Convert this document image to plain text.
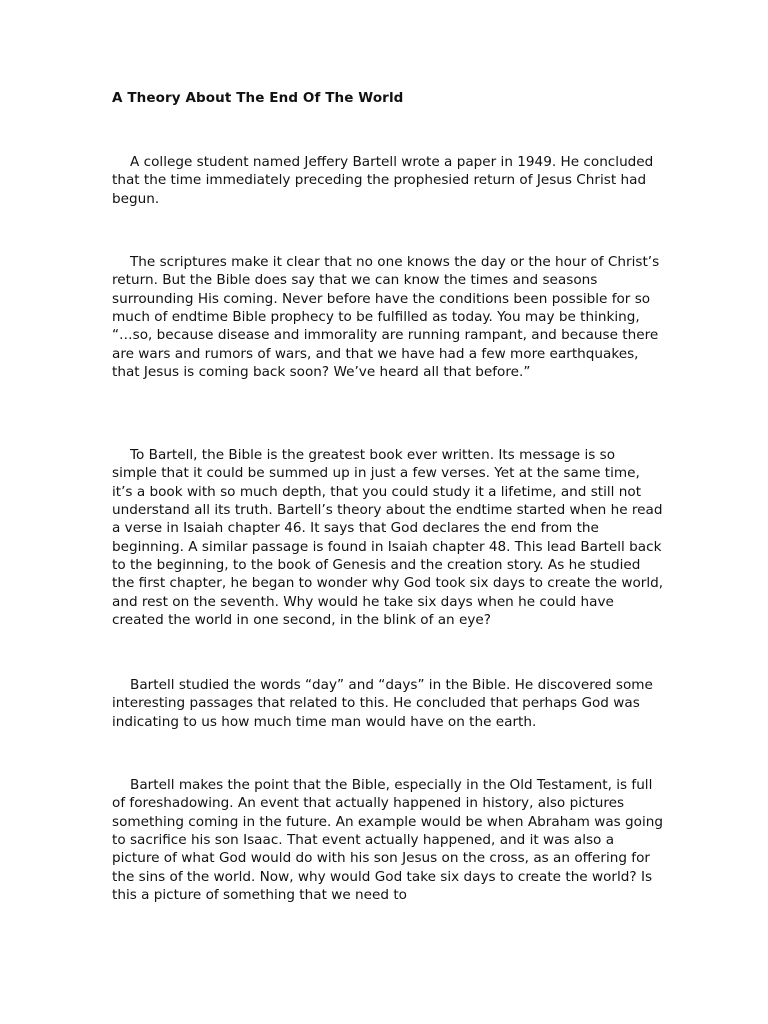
A Theory About The End Of The World

A college student named Jeffery Bartell wrote a paper in 1949. He concluded that the time immediately preceding the prophesied return of Jesus Christ had begun.

The scriptures make it clear that no one knows the day or the hour of Christ’s return. But the Bible does say that we can know the times and seasons surrounding His coming. Never before have the conditions been possible for so much of endtime Bible prophecy to be fulfilled as today. You may be thinking, “…so, because disease and immorality are running rampant, and because there are wars and rumors of wars, and that we have had a few more earthquakes, that Jesus is coming back soon? We’ve heard all that before.”

To Bartell, the Bible is the greatest book ever written. Its message is so simple that it could be summed up in just a few verses. Yet at the same time, it’s a book with so much depth, that you could study it a lifetime, and still not understand all its truth. Bartell’s theory about the endtime started when he read a verse in Isaiah chapter 46. It says that God declares the end from the beginning. A similar passage is found in Isaiah chapter 48. This lead Bartell back to the beginning, to the book of Genesis and the creation story. As he studied the first chapter, he began to wonder why God took six days to create the world, and rest on the seventh. Why would he take six days when he could have created the world in one second, in the blink of an eye?

Bartell studied the words “day” and “days” in the Bible. He discovered some interesting passages that related to this. He concluded that perhaps God was indicating to us how much time man would have on the earth.

Bartell makes the point that the Bible, especially in the Old Testament, is full of foreshadowing. An event that actually happened in history, also pictures something coming in the future. An example would be when Abraham was going to sacrifice his son Isaac. That event actually happened, and it was also a picture of what God would do with his son Jesus on the cross, as an offering for the sins of the world. Now, why would God take six days to create the world? Is this a picture of something that we need to
